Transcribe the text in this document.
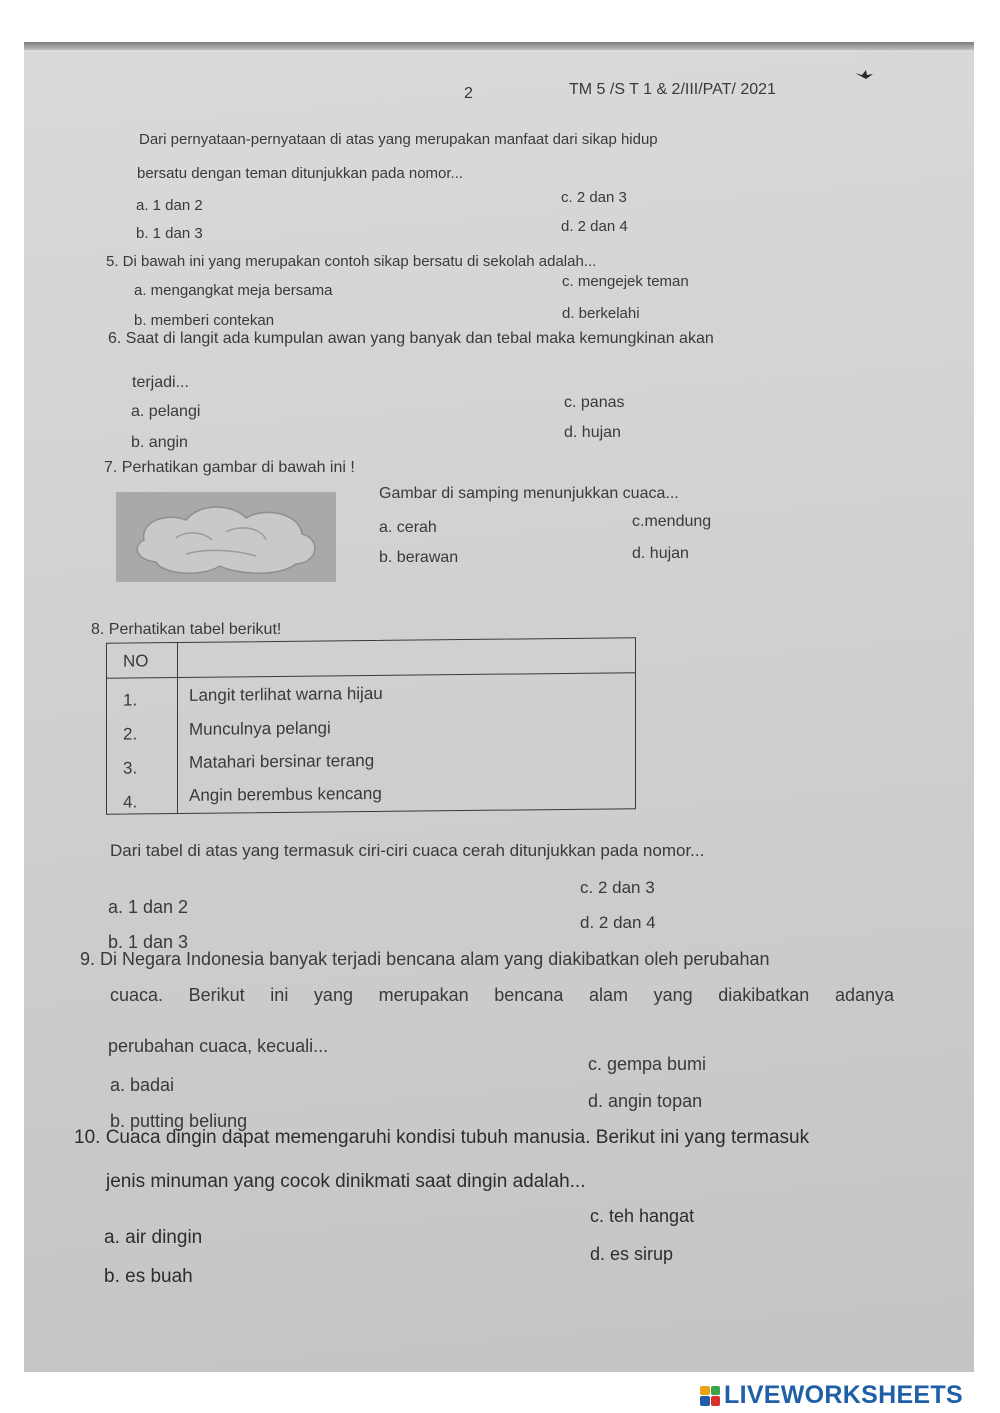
2	TM 5 /S T 1 & 2/III/PAT/ 2021
Dari pernyataan-pernyataan di atas yang merupakan manfaat dari sikap hidup
bersatu dengan teman ditunjukkan pada nomor...
a. 1 dan 2	c. 2 dan 3
b. 1 dan 3	d. 2 dan 4
5. Di bawah ini yang merupakan contoh sikap bersatu di sekolah adalah...
a. mengangkat meja bersama
c. mengejek teman
b. memberi contekan	d. berkelahi
6. Saat di langit ada kumpulan awan yang banyak dan tebal maka kemungkinan akan
terjadi...
a. pelangi
c. panas
b. angin
d. hujan
7. Perhatikan gambar di bawah ini !
Gambar di samping menunjukkan cuaca...
a. cerah	c.mendung
b. berawan	d. hujan
8. Perhatikan tabel berikut!
NO
1.	Langit terlihat warna hijau
2.	Munculnya pelangi
3.	Matahari bersinar terang
4.	Angin berembus kencang
Dari tabel di atas yang termasuk ciri-ciri cuaca cerah ditunjukkan pada nomor...
a. 1 dan 2
c. 2 dan 3
b. 1 dan 3
d. 2 dan 4
9. Di Negara Indonesia banyak terjadi bencana alam yang diakibatkan oleh perubahan
cuaca. Berikut ini yang merupakan bencana alam yang diakibatkan adanya
perubahan cuaca, kecuali...
a. badai
c. gempa bumi
b. putting beliung
d. angin topan
10. Cuaca dingin dapat memengaruhi kondisi tubuh manusia. Berikut ini yang termasuk
jenis minuman yang cocok dinikmati saat dingin adalah...
a. air dingin
c. teh hangat
b. es buah
d. es sirup
LIVEWORKSHEETS
